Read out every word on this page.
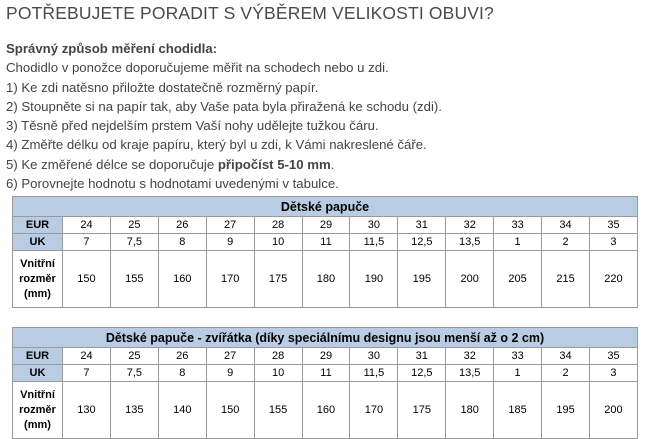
POTŘEBUJETE PORADIT S VÝBĚREM VELIKOSTI OBUVI?
Správný způsob měření chodidla:
Chodidlo v ponožce doporučujeme měřit na schodech nebo u zdi.
1) Ke zdi natěsno přiložte dostatečně rozměrný papír.
2) Stoupněte si na papír tak, aby Vaše pata byla přiražená ke schodu (zdi).
3) Těsně před nejdelším prstem Vaší nohy udělejte tužkou čáru.
4) Změřte délku od kraje papíru, který byl u zdi, k Vámi nakreslené čáře.
5) Ke změřené délce se doporučuje připočíst 5-10 mm.
6) Porovnejte hodnotu s hodnotami uvedenými v tabulce.
Dětské papuče												
EUR	24	25	26	27	28	29	30	31	32	33	34	35
UK	7	7,5	8	9	10	11	11,5	12,5	13,5	1	2	3
Vnitřní
rozměr
(mm)	150	155	160	170	175	180	190	195	200	205	215	220
Dětské papuče - zvířátka (díky speciálnímu designu jsou menší až o 2 cm)												
EUR	24	25	26	27	28	29	30	31	32	33	34	35
UK	7	7,5	8	9	10	11	11,5	12,5	13,5	1	2	3
Vnitřní
rozměr
(mm)	130	135	140	150	155	160	170	175	180	185	195	200
